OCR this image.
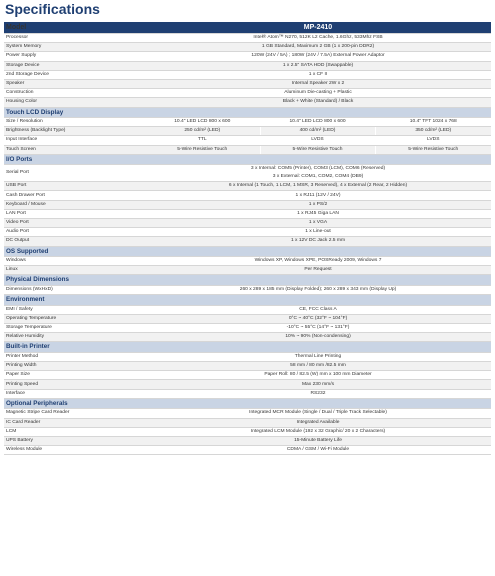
Specifications
Model	MP-2410		
Processor	Intel® Atom™ N270, 512K L2 Cache, 1.6Ghz, 533Mhz FSB		
System Memory	1 GB Standard, Maximum 2 GB (1 x 200-pin DDR2)		
Power Supply	120W (24V / 5A) ; 180W (24V / 7.5A) External Power Adaptor		
Storage Device	1 x 2.5" SATA HDD (Swappable)		
2nd Storage Device	1 x CF II		
Speaker	Internal Speaker 2W x 2		
Construction	Aluminum Die-casting + Plastic		
Housing Color	Black + White (Standard) / Black		
Touch LCD Display			
Size / Resolution	10.4" LED LCD 800 x 600	10.4" LED LCD 800 x 600	10.4" TFT 1024 x 768
Brightness (Backlight Type)	250 cd/m² (LED)	400 cd/m² (LED)	350 cd/m² (LED)
Input Interface	TTL	LVDS	LVDS
Touch Screen	5-Wire Resistive Touch	5-Wire Resistive Touch	5-Wire Resistive Touch
I/O Ports			
Serial Port	3 x Internal: COM5 (Printer), COM3 (LCM), COM6 (Reserved)
3 x External: COM1, COM2, COM4 (DB9)		

USB Port	6 x Internal (1 Touch, 1 LCM, 1 MSR, 3 Reserved), 4 x External (2 Rear, 2 Hidden)		
Cash Drawer Port	1 x RJ11 (12V / 24V)		
Keyboard / Mouse	1 x PS/2		
LAN Port	1 x RJ45 Giga LAN		
Video Port	1 x VGA		
Audio Port	1 x Line-out		
DC Output	1 x 12V DC Jack 2.5 mm		
OS Supported			
Windows	Windows XP, Windows XPE, POSReady 2009, Windows 7		
Linux	Per Request		
Physical Dimensions			
Dimensions (WxHxD)	260 x 289 x 185 mm (Display Folded); 260 x 289 x 343 mm (Display Up)		
Environment			
EMI / Safety	CE, FCC Class A		
Operating Temperature	0°C ~ 40°C (32°F ~ 104°F)		
Storage Temperature	-10°C ~ 55°C (14°F ~ 131°F)		
Relative Humidity	10% ~ 90% (Non-condensing)		
Built-in Printer			
Printer Method	Thermal Line Printing		
Printing Width	58 mm / 80 mm /82.5 mm		
Paper Size	Paper Roll: 80 / 82.5 (W) mm x 100 mm Diameter		
Printing Speed	Max 230 mm/s		
Interface	RS232		
Optional Peripherals			
Magnetic Stripe Card Reader	Integrated MCR Module (Single / Dual / Triple Track Selectable)		
IC Card Reader	Integrated Available		
LCM	Integrated LCM Module (192 x 32 Graphic/ 20 x 2 Characters)		
UPS Battery	15-Minute Battery Life		
Wireless Module	CDMA / GSM / Wi-Fi Module		
